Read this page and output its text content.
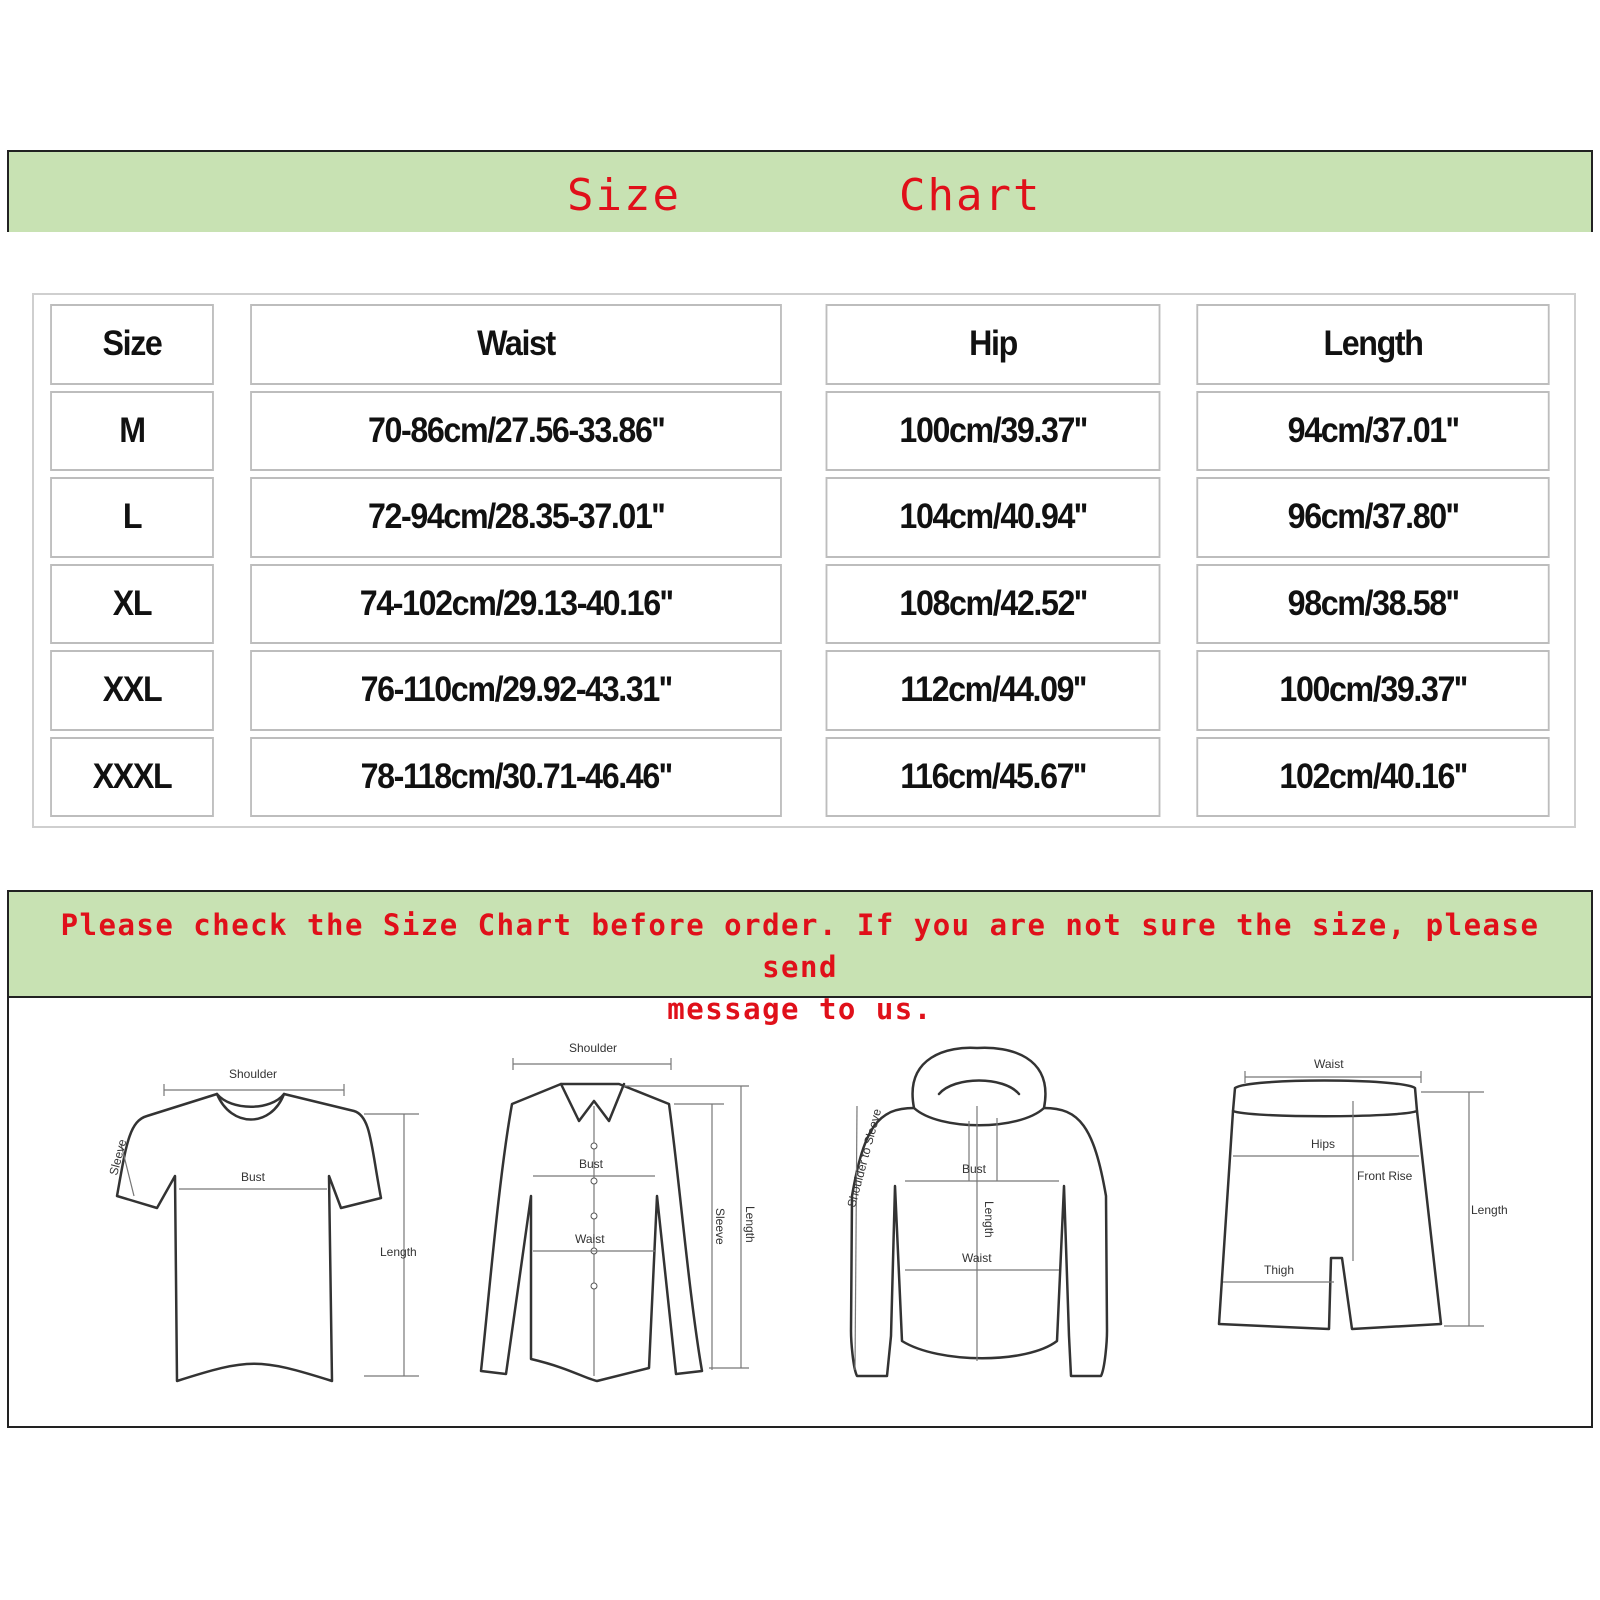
Size	Chart
Size	Waist	Hip	Length
M	70-86cm/27.56-33.86''	100cm/39.37''	94cm/37.01''
L	72-94cm/28.35-37.01''	104cm/40.94''	96cm/37.80''
XL	74-102cm/29.13-40.16''	108cm/42.52''	98cm/38.58''
XXL	76-110cm/29.92-43.31''	112cm/44.09''	100cm/39.37''
XXXL	78-118cm/30.71-46.46''	116cm/45.67''	102cm/40.16''
Please check the Size Chart before order. If you are not sure the size, please send
message to us.
Shoulder
Sleeve
Bust
Length
Shoulder
Bust
Waist	Sleeve Length
Shoulder to Sleeve	Bust
Length
Waist
Waist
Hips
Front Rise
Thigh
Length
